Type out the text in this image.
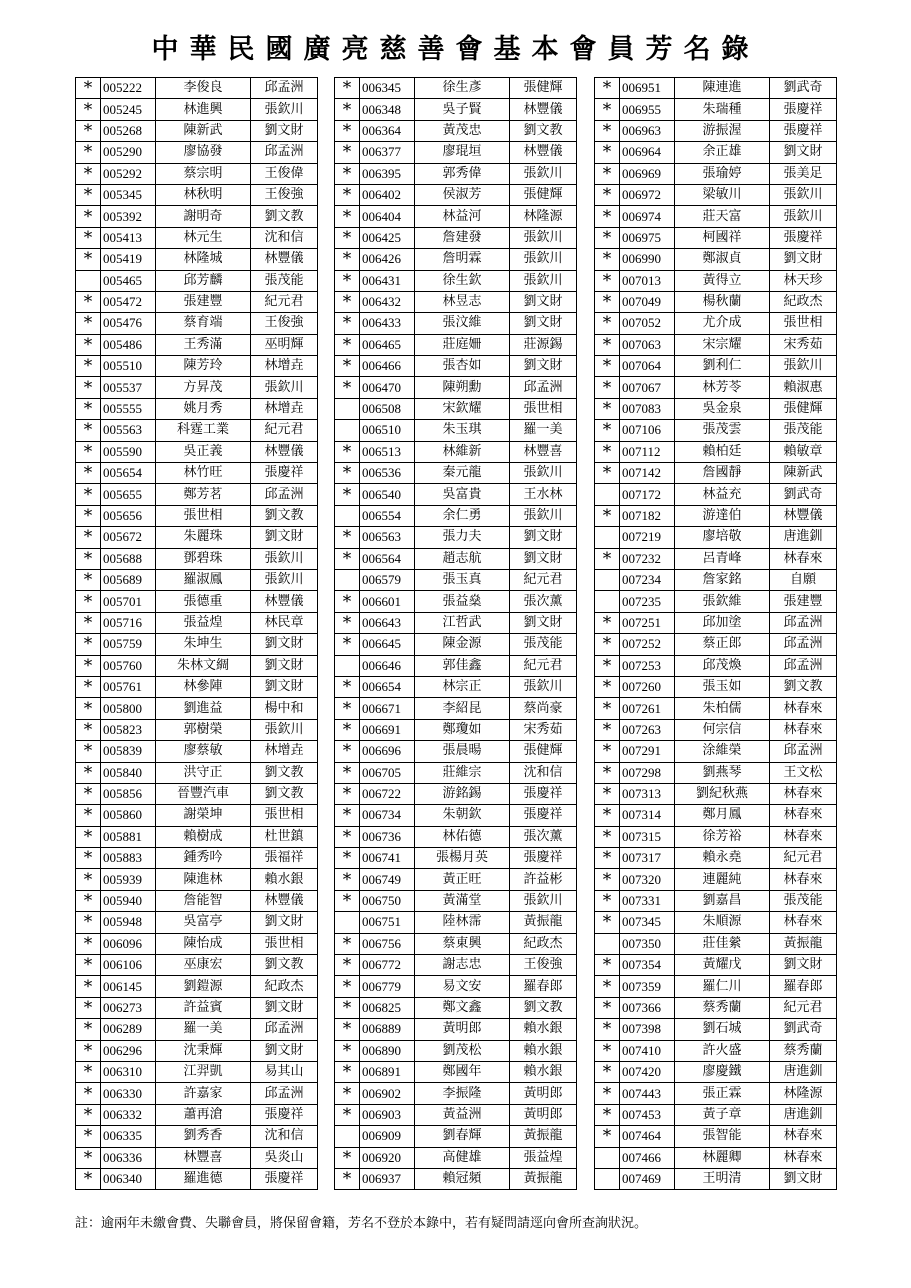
中華民國廣亮慈善會基本會員芳名錄
*	005222	李俊良	邱孟洲
*	005245	林進興	張欽川
*	005268	陳新武	劉文財
*	005290	廖協發	邱孟洲
*	005292	蔡宗明	王俊偉
*	005345	林秋明	王俊強
*	005392	謝明奇	劉文教
*	005413	林元生	沈和信
*	005419	林隆城	林豐儀
	005465	邱芳麟	張茂能
*	005472	張建豐	紀元君
*	005476	蔡育端	王俊強
*	005486	王秀滿	巫明輝
*	005510	陳芳玲	林增垚
*	005537	方昇茂	張欽川
*	005555	姚月秀	林增垚
*	005563	科霆工業	紀元君
*	005590	吳正義	林豐儀
*	005654	林竹旺	張慶祥
*	005655	鄭芳茗	邱孟洲
*	005656	張世相	劉文教
*	005672	朱麗珠	劉文財
*	005688	鄧碧珠	張欽川
*	005689	羅淑鳳	張欽川
*	005701	張德重	林豐儀
*	005716	張益煌	林民章
*	005759	朱坤生	劉文財
*	005760	朱林文綢	劉文財
*	005761	林參陣	劉文財
*	005800	劉進益	楊中和
*	005823	郭樹榮	張欽川
*	005839	廖蔡敏	林增垚
*	005840	洪守正	劉文教
*	005856	晉豐汽車	劉文教
*	005860	謝榮坤	張世相
*	005881	賴樹成	杜世鎮
*	005883	鍾秀吟	張福祥
*	005939	陳進林	賴水銀
*	005940	詹能智	林豐儀
*	005948	吳富亭	劉文財
*	006096	陳怡成	張世相
*	006106	巫康宏	劉文教
*	006145	劉鎧源	紀政杰
*	006273	許益賓	劉文財
*	006289	羅一美	邱孟洲
*	006296	沈秉輝	劉文財
*	006310	江羿凱	易其山
*	006330	許嘉家	邱孟洲
*	006332	蕭再滄	張慶祥
*	006335	劉秀香	沈和信
*	006336	林豐喜	吳炎山
*	006340	羅進德	張慶祥
*	006345	徐生彥	張健輝
*	006348	吳子賢	林豐儀
*	006364	黃茂忠	劉文教
*	006377	廖琨垣	林豐儀
*	006395	郭秀偉	張欽川
*	006402	侯淑芳	張健輝
*	006404	林益河	林隆源
*	006425	詹建發	張欽川
*	006426	詹明霖	張欽川
*	006431	徐生欽	張欽川
*	006432	林昱志	劉文財
*	006433	張汶維	劉文財
*	006465	莊庭姍	莊源錫
*	006466	張杏如	劉文財
*	006470	陳朔勳	邱孟洲
	006508	宋欽耀	張世相
	006510	朱玉琪	羅一美
*	006513	林維新	林豐喜
*	006536	秦元龍	張欽川
*	006540	吳富貴	王水林
	006554	余仁勇	張欽川
*	006563	張力夫	劉文財
*	006564	趙志航	劉文財
	006579	張玉真	紀元君
*	006601	張益燊	張次薰
*	006643	江哲武	劉文財
*	006645	陳金源	張茂能
	006646	郭佳鑫	紀元君
*	006654	林宗正	張欽川
*	006671	李紹昆	蔡尚豪
*	006691	鄭瓊如	宋秀茹
*	006696	張晨暘	張健輝
*	006705	莊維宗	沈和信
*	006722	游銘錫	張慶祥
*	006734	朱朝欽	張慶祥
*	006736	林佑德	張次薰
*	006741	張楊月英	張慶祥
*	006749	黃正旺	許益彬
*	006750	黃滿堂	張欽川
	006751	陸林霈	黃振龍
*	006756	蔡東興	紀政杰
*	006772	謝志忠	王俊強
*	006779	易文安	羅春郎
*	006825	鄭文鑫	劉文教
*	006889	黃明郎	賴水銀
*	006890	劉茂松	賴水銀
*	006891	鄭國年	賴水銀
*	006902	李振隆	黃明郎
*	006903	黃益洲	黃明郎
	006909	劉春輝	黃振龍
*	006920	高健雄	張益煌
*	006937	賴冠頻	黃振龍
*	006951	陳連進	劉武奇
*	006955	朱瑞種	張慶祥
*	006963	游振渥	張慶祥
*	006964	余正雄	劉文財
*	006969	張瑜婷	張美足
*	006972	梁敏川	張欽川
*	006974	莊天富	張欽川
*	006975	柯國祥	張慶祥
*	006990	鄭淑貞	劉文財
*	007013	黃得立	林天珍
*	007049	楊秋蘭	紀政杰
*	007052	尤介成	張世相
*	007063	宋宗耀	宋秀茹
*	007064	劉利仁	張欽川
*	007067	林芳苓	賴淑惠
*	007083	吳金泉	張健輝
*	007106	張茂雲	張茂能
*	007112	賴柏廷	賴敏章
*	007142	詹國靜	陳新武
	007172	林益充	劉武奇
*	007182	游達伯	林豐儀
	007219	廖培敬	唐進釧
*	007232	呂青峰	林春來
	007234	詹家銘	自願
	007235	張欽維	張建豐
*	007251	邱加塗	邱孟洲
*	007252	蔡正郎	邱孟洲
*	007253	邱茂煥	邱孟洲
*	007260	張玉如	劉文教
*	007261	朱柏儒	林春來
*	007263	何宗信	林春來
*	007291	涂維榮	邱孟洲
*	007298	劉燕琴	王文松
*	007313	劉紀秋燕	林春來
*	007314	鄭月鳳	林春來
*	007315	徐芳裕	林春來
*	007317	賴永堯	紀元君
*	007320	連麗純	林春來
*	007331	劉嘉昌	張茂能
*	007345	朱順源	林春來
	007350	莊佳縈	黃振龍
*	007354	黃耀戊	劉文財
*	007359	羅仁川	羅春郎
*	007366	蔡秀蘭	紀元君
*	007398	劉石城	劉武奇
*	007410	許火盛	蔡秀蘭
*	007420	廖慶鐵	唐進釧
*	007443	張正霖	林隆源
*	007453	黃子章	唐進釧
*	007464	張智能	林春來
	007466	林麗卿	林春來
	007469	王明清	劉文財
註：逾兩年未繳會費、失聯會員，將保留會籍，芳名不登於本錄中，若有疑問請逕向會所查詢狀況。
